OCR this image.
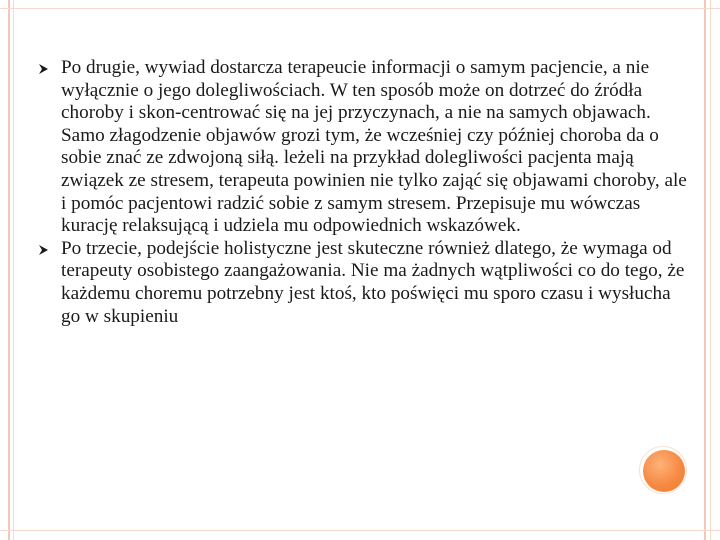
Po drugie, wywiad dostarcza terapeucie informacji o samym pacjencie, a nie wyłącznie o jego dolegliwościach. W ten sposób może on dotrzeć do źródła choroby i skon-centrować się na jej przyczynach, a nie na samych objawach. Samo złagodzenie objawów grozi tym, że wcześniej czy później choroba da o sobie znać ze zdwojoną siłą. leżeli na przykład dolegliwości pacjenta mają związek ze stresem, terapeuta powinien nie tylko zająć się objawami choroby, ale i pomóc pacjentowi radzić sobie z samym stresem. Przepisuje mu wówczas kurację relaksującą i udziela mu odpowiednich wskazówek.
Po trzecie, podejście holistyczne jest skuteczne również dlatego, że wymaga od terapeuty osobistego zaangażowania. Nie ma żadnych wątpliwości co do tego, że każdemu choremu potrzebny jest ktoś, kto poświęci mu sporo czasu i wysłucha go w skupieniu
